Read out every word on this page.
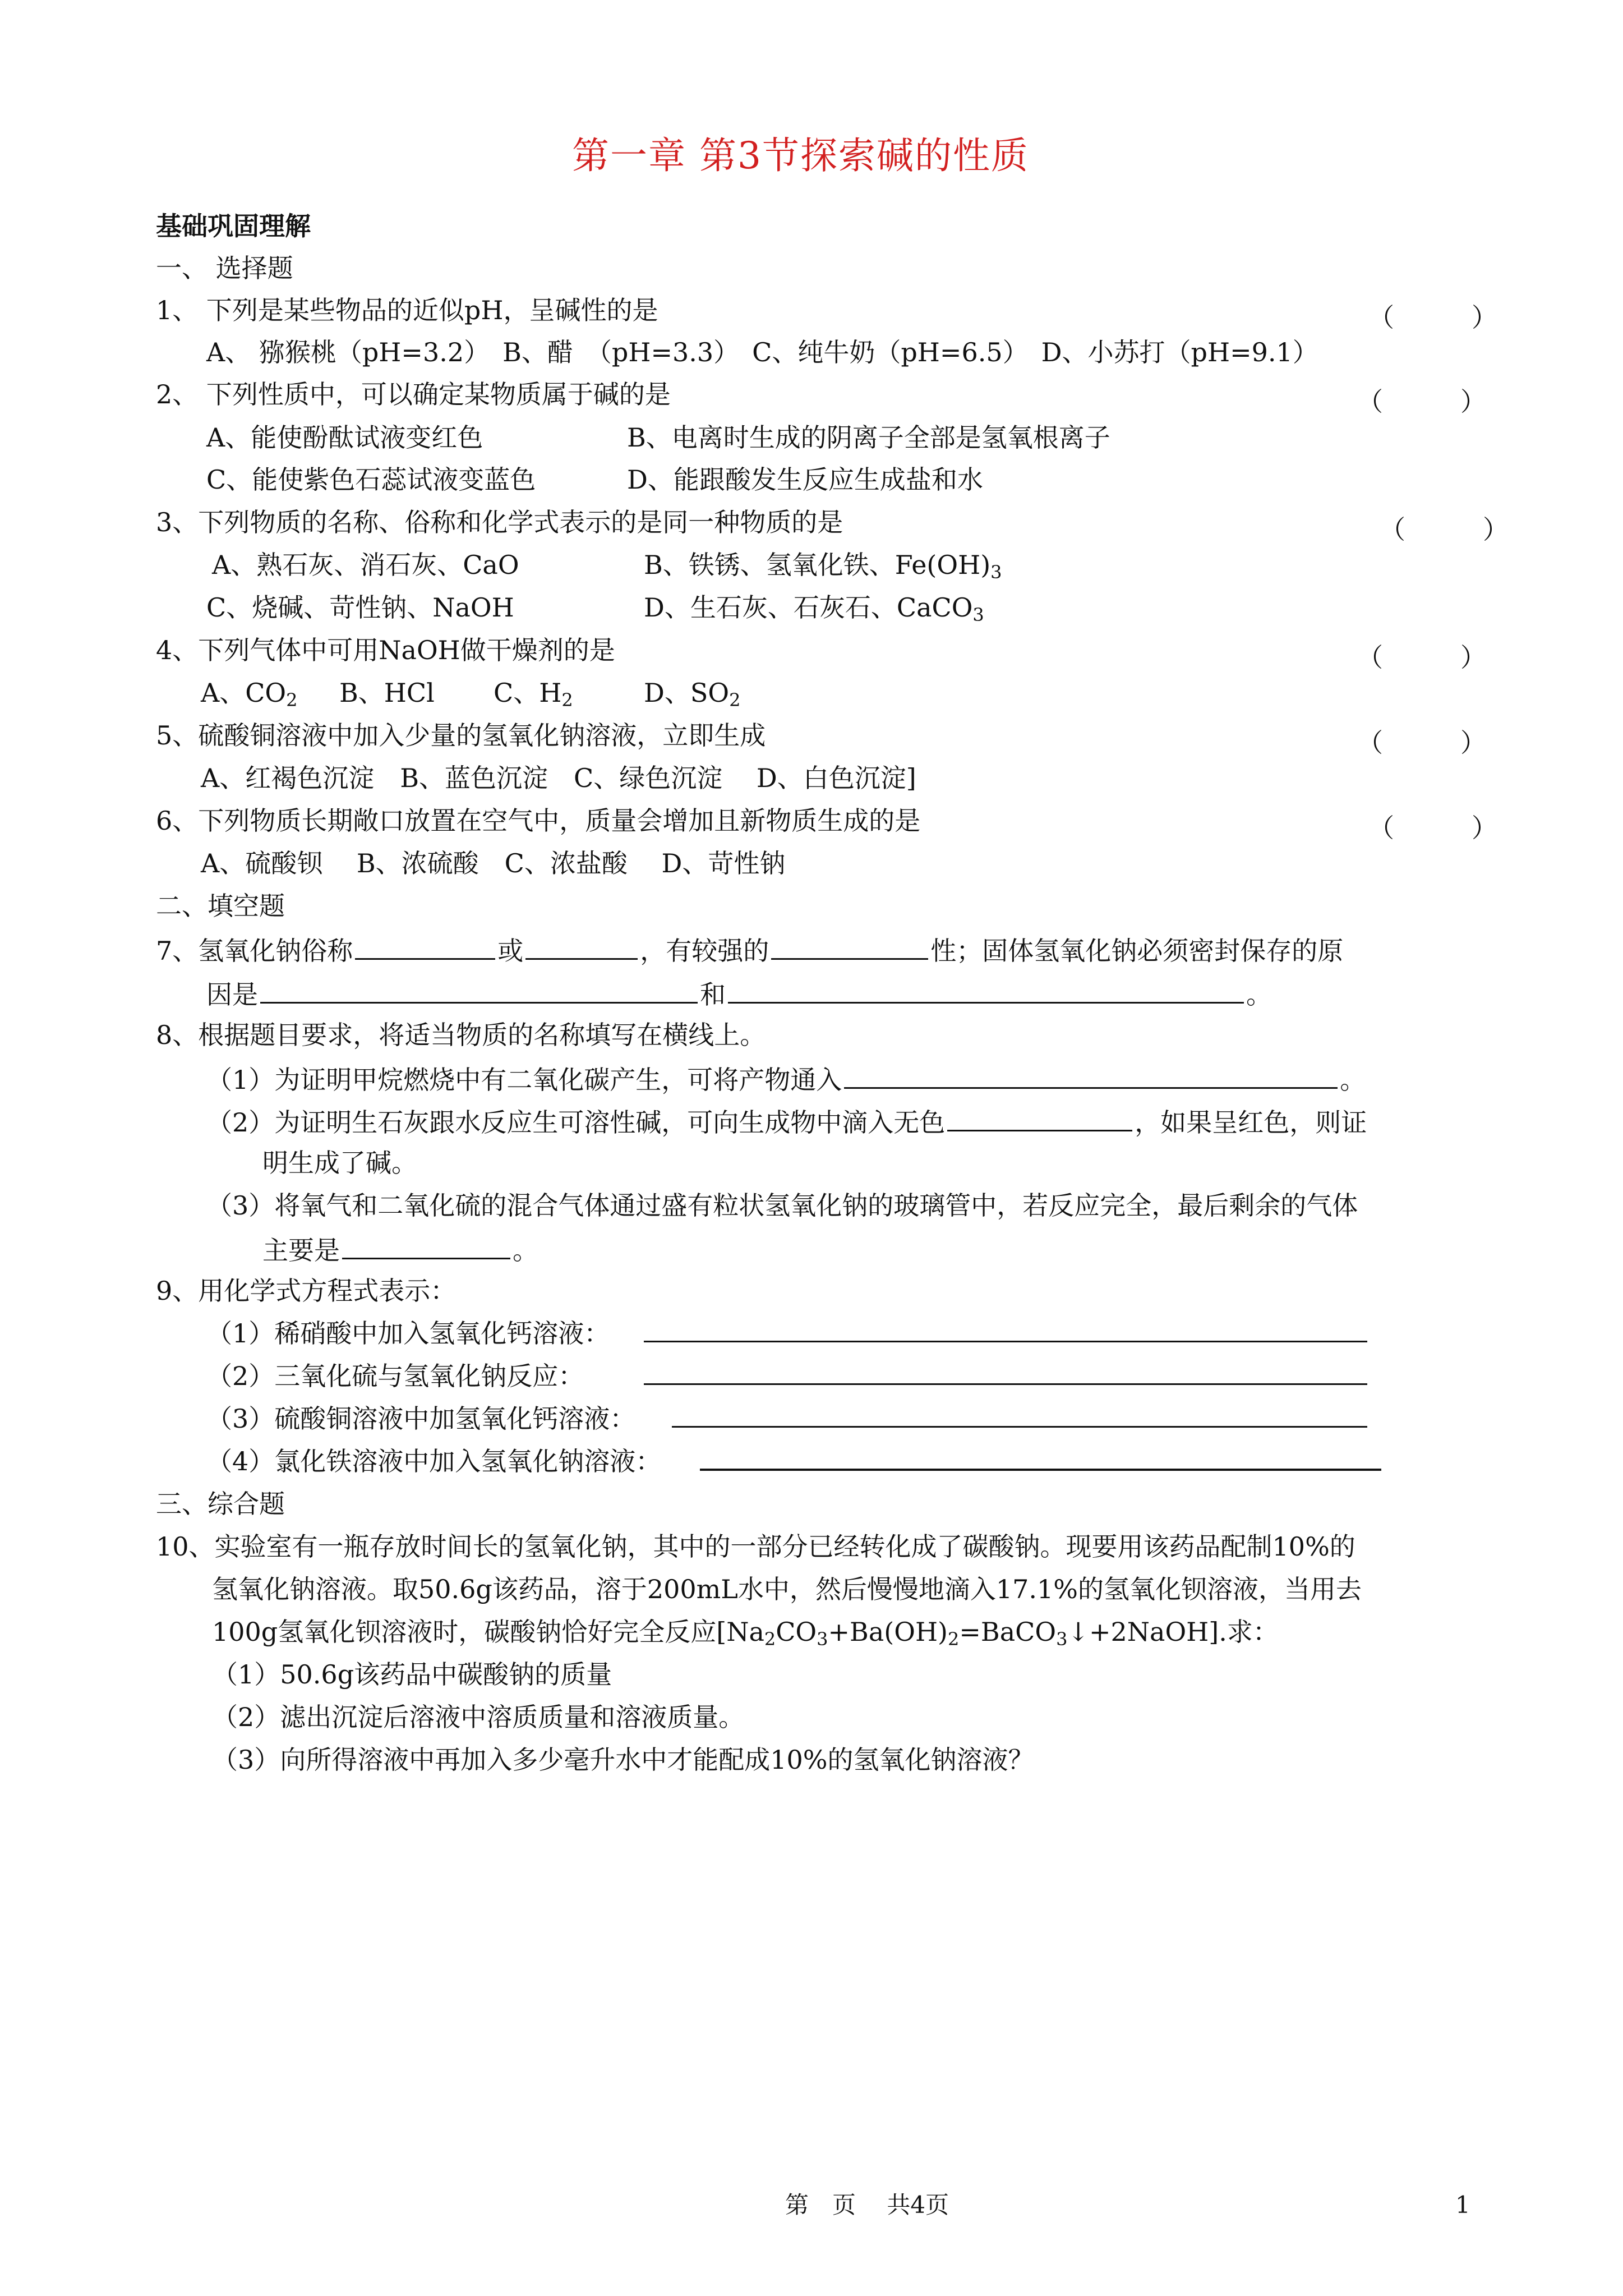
第一章 第3节探索碱的性质
基础巩固理解
一、 选择题
1、 下列是某些物品的近似pH，呈碱性的是	（　　　）
A、 猕猴桃（pH=3.2）　B、醋　（pH=3.3）　C、纯牛奶（pH=6.5）　D、小苏打（pH=9.1）
2、 下列性质中，可以确定某物质属于碱的是	（　　　）
A、能使酚酞试液变红色	B、电离时生成的阴离子全部是氢氧根离子
C、能使紫色石蕊试液变蓝色	D、能跟酸发生反应生成盐和水
3、下列物质的名称、俗称和化学式表示的是同一种物质的是	（　　　）
A、熟石灰、消石灰、CaO	B、铁锈、氢氧化铁、$Fe(OH)_3$
C、烧碱、苛性钠、NaOH	D、生石灰、石灰石、CaCO$_3$
4、下列气体中可用NaOH做干燥剂的是	（　　　）
A、$CO_2$ B、HCl C、$H_2$	D、$SO_2$
5、硫酸铜溶液中加入少量的氢氧化钠溶液，立即生成	（　　　）
A、红褐色沉淀　B、蓝色沉淀　C、绿色沉淀　 D、白色沉淀]
6、下列物质长期敞口放置在空气中，质量会增加且新物质生成的是	（　　　）
A、硫酸钡　 B、浓硫酸　C、浓盐酸　 D、苛性钠
二、填空题
7、氢氧化钠俗称	或	，有较强的	性；固体氢氧化钠必须密封保存的原
因是	和	。
8、根据题目要求，将适当物质的名称填写在横线上。
（1）为证明甲烷燃烧中有二氧化碳产生，可将产物通入	。
（2）为证明生石灰跟水反应生可溶性碱，可向生成物中滴入无色	，如果呈红色，则证
明生成了碱。
（3）将氧气和二氧化硫的混合气体通过盛有粒状氢氧化钠的玻璃管中，若反应完全，最后剩余的气体
主要是	。
9、用化学式方程式表示：
（1）稀硝酸中加入氢氧化钙溶液：
（2）三氧化硫与氢氧化钠反应：
（3）硫酸铜溶液中加氢氧化钙溶液：
（4）氯化铁溶液中加入氢氧化钠溶液：
三、综合题
10、实验室有一瓶存放时间长的氢氧化钠，其中的一部分已经转化成了碳酸钠。现要用该药品配制10%的
氢氧化钠溶液。取50.6g该药品，溶于200mL水中，然后慢慢地滴入17.1%的氢氧化钡溶液，当用去
100g氢氧化钡溶液时，碳酸钠恰好完全反应$[Na_2CO_3+Ba(OH)_2=BaCO_3↓+2NaOH]$.求：
（1）50.6g该药品中碳酸钠的质量
（2）滤出沉淀后溶液中溶质质量和溶液质量。
（3）向所得溶液中再加入多少毫升水中才能配成10%的氢氧化钠溶液？
第　页　 共4页	1
